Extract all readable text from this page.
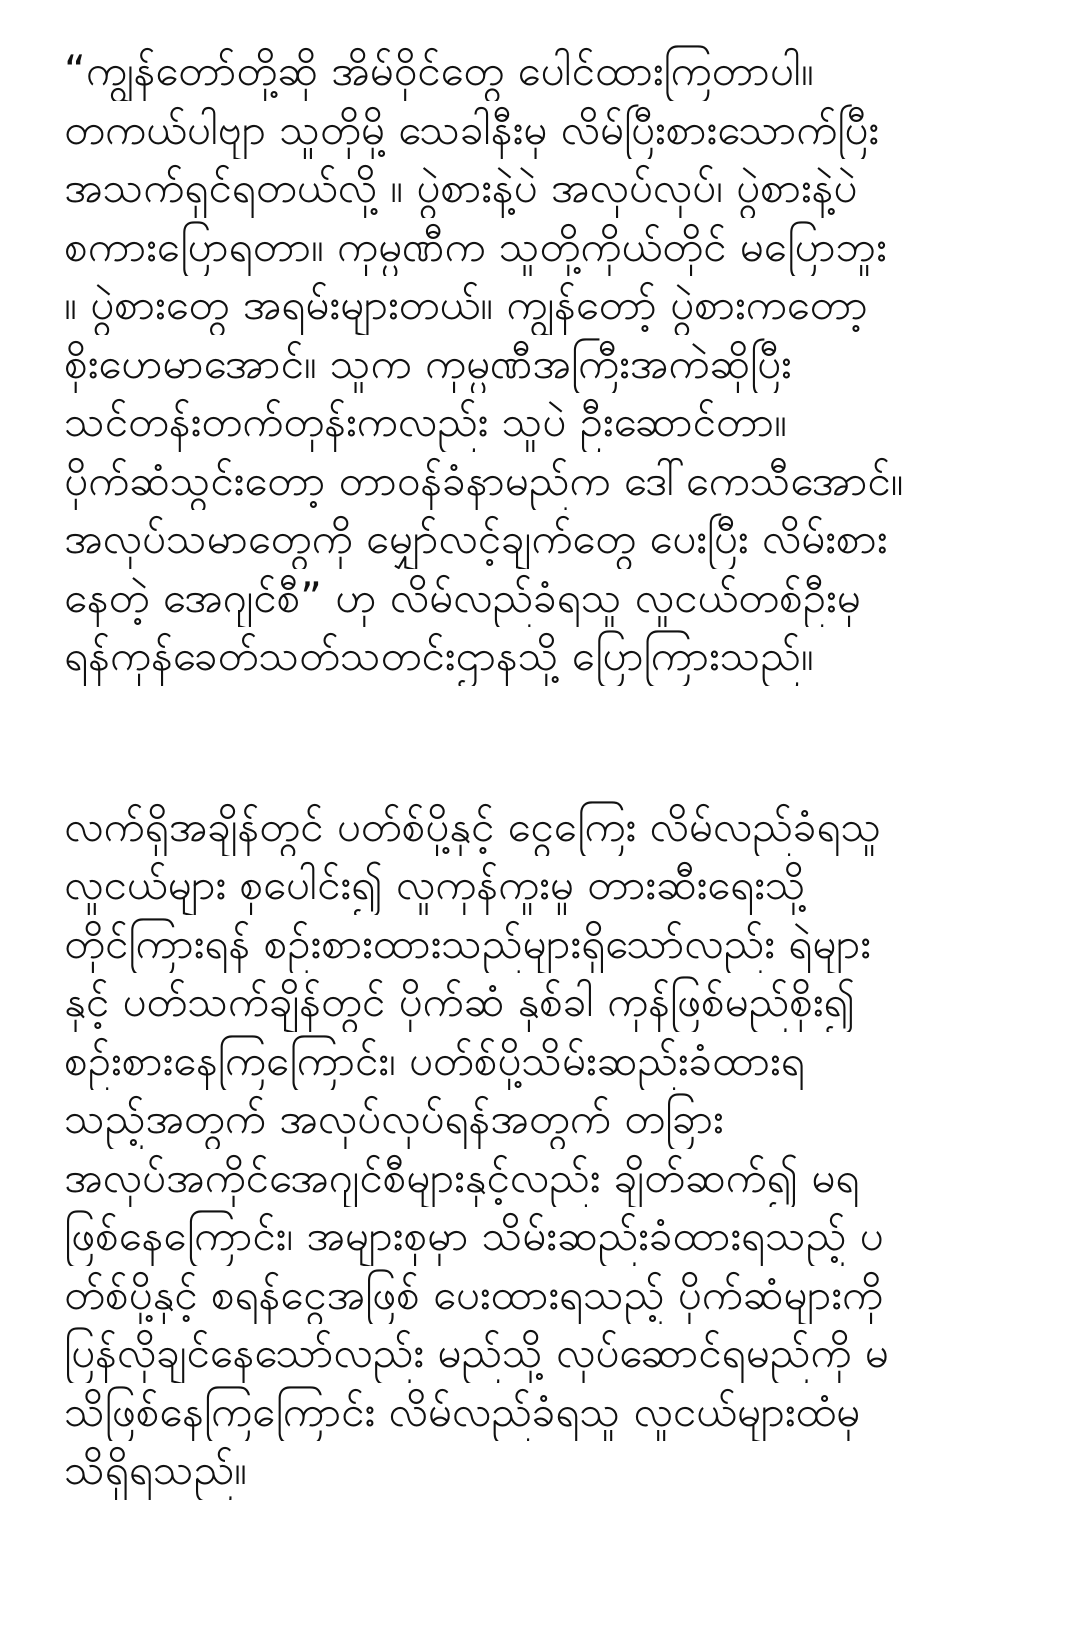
“ကျွန်တော်တို့ဆို အိမ်ဝိုင်တွေ ပေါင်ထားကြတာပါ။
တကယ်ပါဗျာ သူတိုမို့ သေခါနီးမှ လိမ်ပြီးစားသောက်ပြီး
အသက်ရှင်ရတယ်လို့ ။ ပွဲစားနဲ့ပဲ အလုပ်လုပ်၊ ပွဲစားနဲ့ပဲ
စကားပြောရတာ။ ကုမ္ပဏီက သူတို့ကိုယ်တိုင် မပြောဘူး
။ ပွဲစားတွေ အရမ်းများတယ်။ ကျွန်တော့် ပွဲစားကတော့
စိုးဟေမာအောင်။ သူက ကုမ္ပဏီအကြီးအကဲဆိုပြီး
သင်တန်းတက်တုန်းကလည်း သူပဲ ဦးဆောင်တာ။
ပိုက်ဆံသွင်းတော့ တာဝန်ခံနာမည်က ဒေါ်ကေသီအောင်။
အလုပ်သမာတွေကို မျှော်လင့်ချက်တွေ ပေးပြီး လိမ်းစား
နေတဲ့ အေဂျင်စီ” ဟု လိမ်လည်ခံရသူ လူငယ်တစ်ဦးမှ
ရန်ကုန်ခေတ်သတ်သတင်းဌာနသို့ ပြောကြားသည်။
လက်ရှိအချိန်တွင် ပတ်စ်ပို့နှင့် ငွေကြေး လိမ်လည်ခံရသူ
လူငယ်များ စုပေါင်း၍ လူကုန်ကူးမှု တားဆီးရေးသို့
တိုင်ကြားရန် စဉ်းစားထားသည်များရှိသော်လည်း ရဲများ
နှင့် ပတ်သက်ချိန်တွင် ပိုက်ဆံ နှစ်ခါ ကုန်ဖြစ်မည်စိုး၍
စဉ်းစားနေကြကြောင်း၊ ပတ်စ်ပို့သိမ်းဆည်းခံထားရ
သည့်အတွက် အလုပ်လုပ်ရန်အတွက် တခြား
အလုပ်အကိုင်အေဂျင်စီများနှင့်လည်း ချိတ်ဆက်၍ မရ
ဖြစ်နေကြောင်း၊ အများစုမှာ သိမ်းဆည်းခံထားရသည့် ပ
တ်စ်ပို့နှင့် စရန်ငွေအဖြစ် ပေးထားရသည့် ပိုက်ဆံများကို
ပြန်လိုချင်နေသော်လည်း မည်သို့ လုပ်ဆောင်ရမည်ကို မ
သိဖြစ်နေကြကြောင်း လိမ်လည်ခံရသူ လူငယ်များထံမှ
သိရှိရသည်။
